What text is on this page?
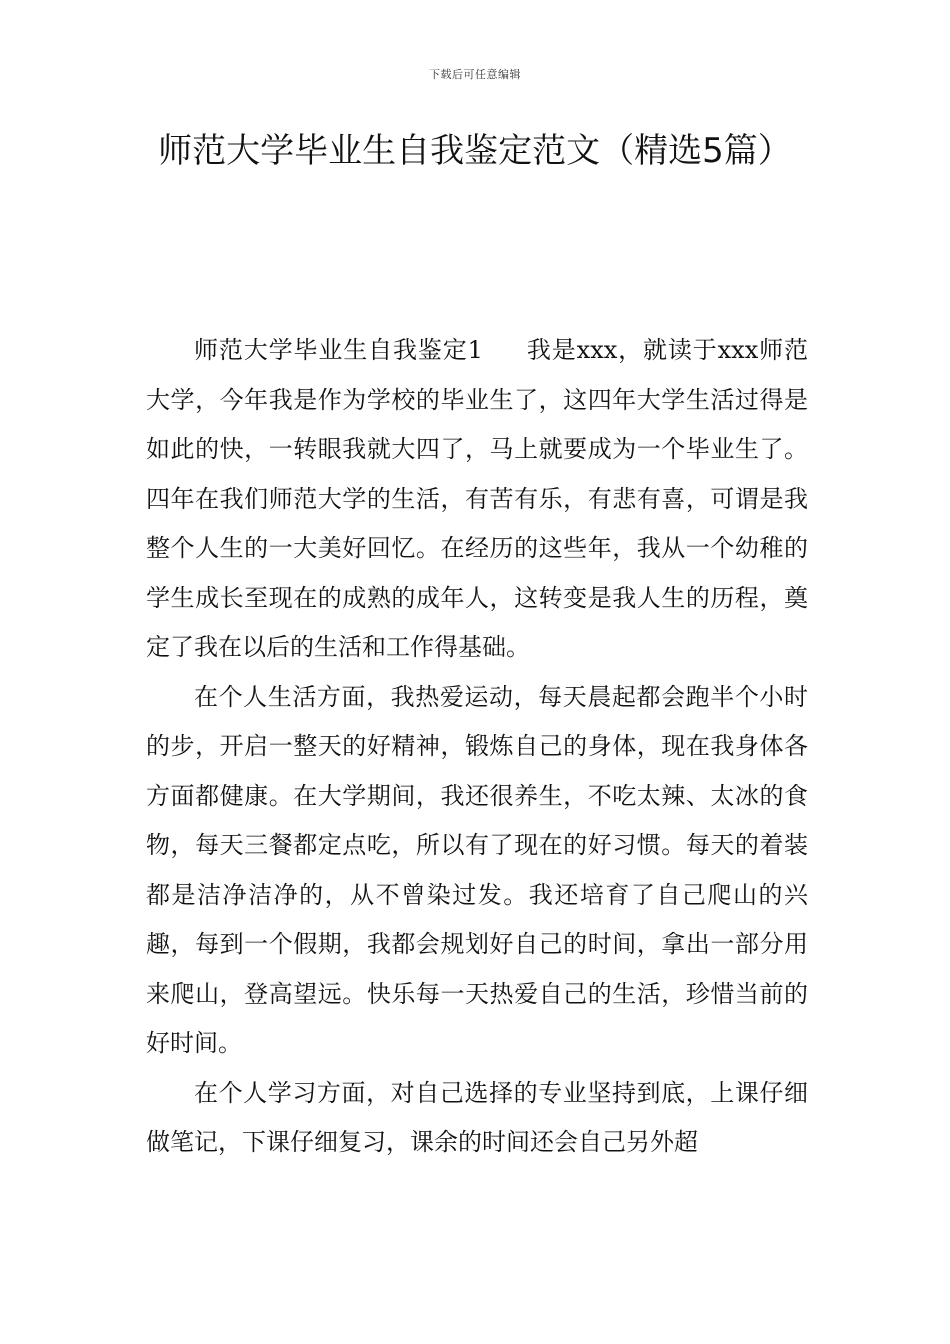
下载后可任意编辑
师范大学毕业生自我鉴定范文（精选5篇）

师范大学毕业生自我鉴定1 我是xxx，就读于xxx师范大学，今年我是作为学校的毕业生了，这四年大学生活过得是如此的快，一转眼我就大四了，马上就要成为一个毕业生了。四年在我们师范大学的生活，有苦有乐，有悲有喜，可谓是我整个人生的一大美好回忆。在经历的这些年，我从一个幼稚的学生成长至现在的成熟的成年人，这转变是我人生的历程，奠定了我在以后的生活和工作得基础。

在个人生活方面，我热爱运动，每天晨起都会跑半个小时的步，开启一整天的好精神，锻炼自己的身体，现在我身体各方面都健康。在大学期间，我还很养生，不吃太辣、太冰的食物，每天三餐都定点吃，所以有了现在的好习惯。每天的着装都是洁净洁净的，从不曾染过发。我还培育了自己爬山的兴趣，每到一个假期，我都会规划好自己的时间，拿出一部分用来爬山，登高望远。快乐每一天热爱自己的生活，珍惜当前的好时间。

在个人学习方面，对自己选择的专业坚持到底，上课仔细做笔记，下课仔细复习，课余的时间还会自己另外超
